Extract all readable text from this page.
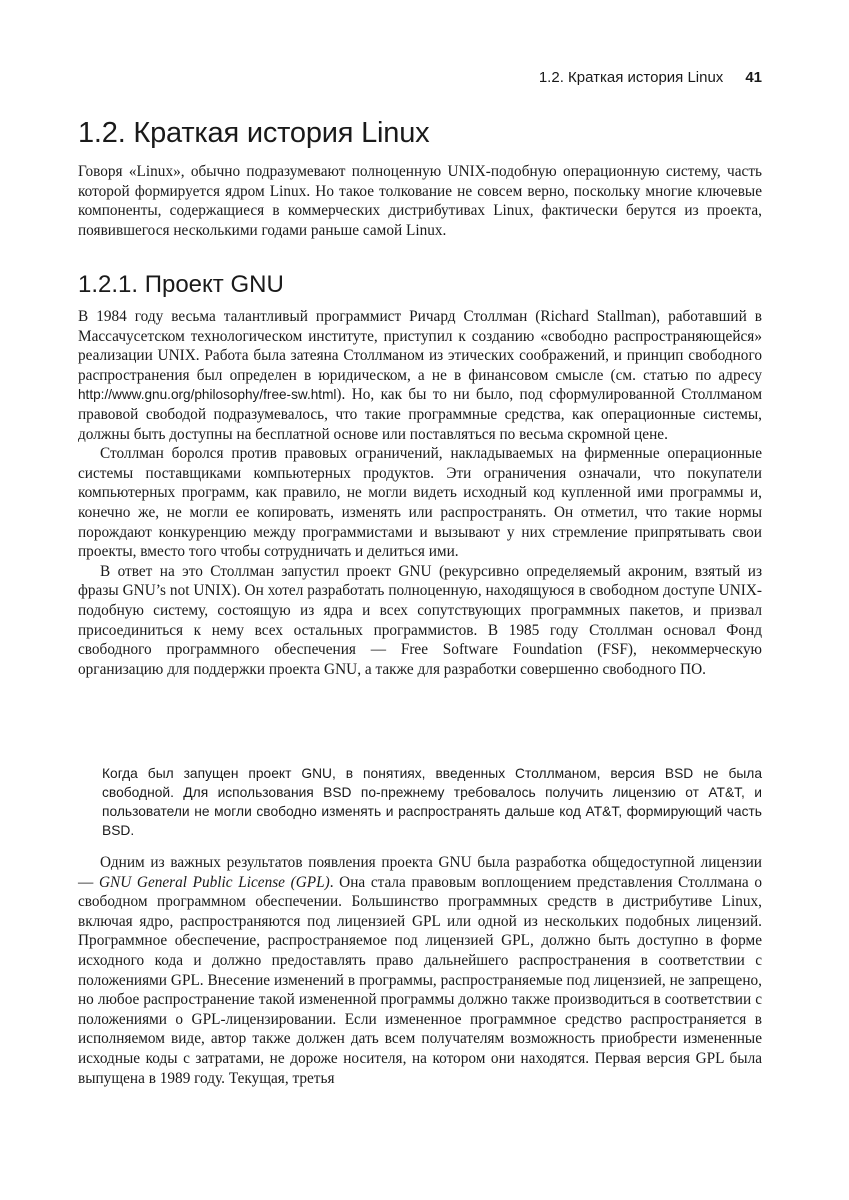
1.2. Краткая история Linux 41
1.2. Краткая история Linux

Говоря «Linux», обычно подразумевают полноценную UNIX-подобную операционную систему, часть которой формируется ядром Linux. Но такое толкование не совсем верно, поскольку многие ключевые компоненты, содержащиеся в коммерческих дистрибутивах Linux, фактически берутся из проекта, появившегося несколькими годами раньше самой Linux.

1.2.1. Проект GNU

В 1984 году весьма талантливый программист Ричард Столлман (Richard Stallman), работавший в Массачусетском технологическом институте, приступил к созданию «свободно распространяющейся» реализации UNIX. Работа была затеяна Столлманом из этических соображений, и принцип свободного распространения был определен в юридическом, а не в финансовом смысле (см. статью по адресу http://www.gnu.org/philosophy/free-sw.html). Но, как бы то ни было, под сформулированной Столлманом правовой свободой подразумевалось, что такие программные средства, как операционные системы, должны быть доступны на бесплатной основе или поставляться по весьма скромной цене.

Столлман боролся против правовых ограничений, накладываемых на фирменные операционные системы поставщиками компьютерных продуктов. Эти ограничения означали, что покупатели компьютерных программ, как правило, не могли видеть исходный код купленной ими программы и, конечно же, не могли ее копировать, изменять или распространять. Он отметил, что такие нормы порождают конкуренцию между программистами и вызывают у них стремление припрятывать свои проекты, вместо того чтобы сотрудничать и делиться ими.

В ответ на это Столлман запустил проект GNU (рекурсивно определяемый акроним, взятый из фразы GNU’s not UNIX). Он хотел разработать полноценную, находящуюся в свободном доступе UNIX-подобную систему, состоящую из ядра и всех сопутствующих программных пакетов, и призвал присоединиться к нему всех остальных программистов. В 1985 году Столлман основал Фонд свободного программного обеспечения — Free Software Foundation (FSF), некоммерческую организацию для поддержки проекта GNU, а также для разработки совершенно свободного ПО.

Когда был запущен проект GNU, в понятиях, введенных Столлманом, версия BSD не была свободной. Для использования BSD по-прежнему требовалось получить лицензию от AT&T, и пользователи не могли свободно изменять и распространять дальше код AT&T, формирующий часть BSD.

Одним из важных результатов появления проекта GNU была разработка общедоступной лицензии — GNU General Public License (GPL). Она стала правовым воплощением представления Столлмана о свободном программном обеспечении. Большинство программных средств в дистрибутиве Linux, включая ядро, распространяются под лицензией GPL или одной из нескольких подобных лицензий. Программное обеспечение, распространяемое под лицензией GPL, должно быть доступно в форме исходного кода и должно предоставлять право дальнейшего распространения в соответствии с положениями GPL. Внесение изменений в программы, распространяемые под лицензией, не запрещено, но любое распространение такой измененной программы должно также производиться в соответствии с положениями о GPL-лицензировании. Если измененное программное средство распространяется в исполняемом виде, автор также должен дать всем получателям возможность приобрести измененные исходные коды с затратами, не дороже носителя, на котором они находятся. Первая версия GPL была выпущена в 1989 году. Текущая, третья
